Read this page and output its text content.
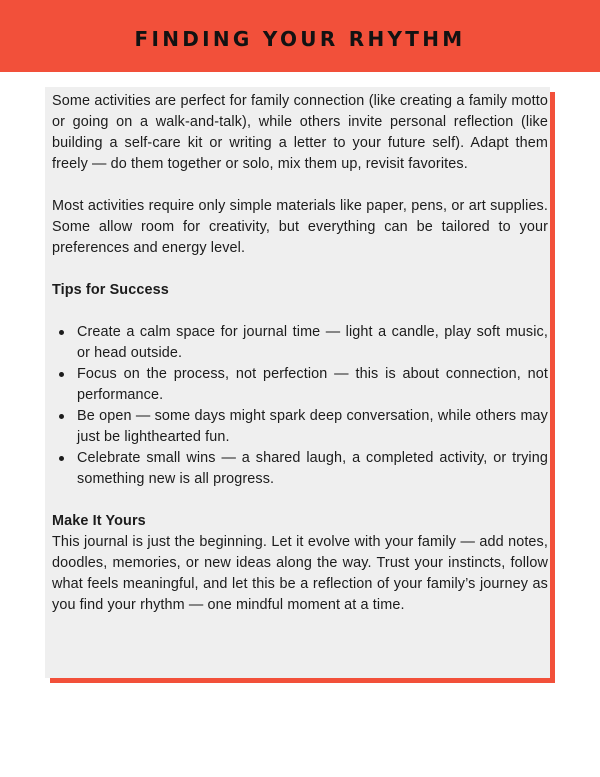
FINDING YOUR RHYTHM

Some activities are perfect for family connection (like creating a family motto or going on a walk-and-talk), while others invite personal reflection (like building a self-care kit or writing a letter to your future self). Adapt them freely — do them together or solo, mix them up, revisit favorites.

Most activities require only simple materials like paper, pens, or art supplies. Some allow room for creativity, but everything can be tailored to your preferences and energy level.

Tips for Success
Create a calm space for journal time — light a candle, play soft music, or head outside.
Focus on the process, not perfection — this is about connection, not performance.
Be open — some days might spark deep conversation, while others may just be lighthearted fun.
Celebrate small wins — a shared laugh, a completed activity, or trying something new is all progress.
Make It Yours

This journal is just the beginning. Let it evolve with your family — add notes, doodles, memories, or new ideas along the way. Trust your instincts, follow what feels meaningful, and let this be a reflection of your family’s journey as you find your rhythm — one mindful moment at a time.
